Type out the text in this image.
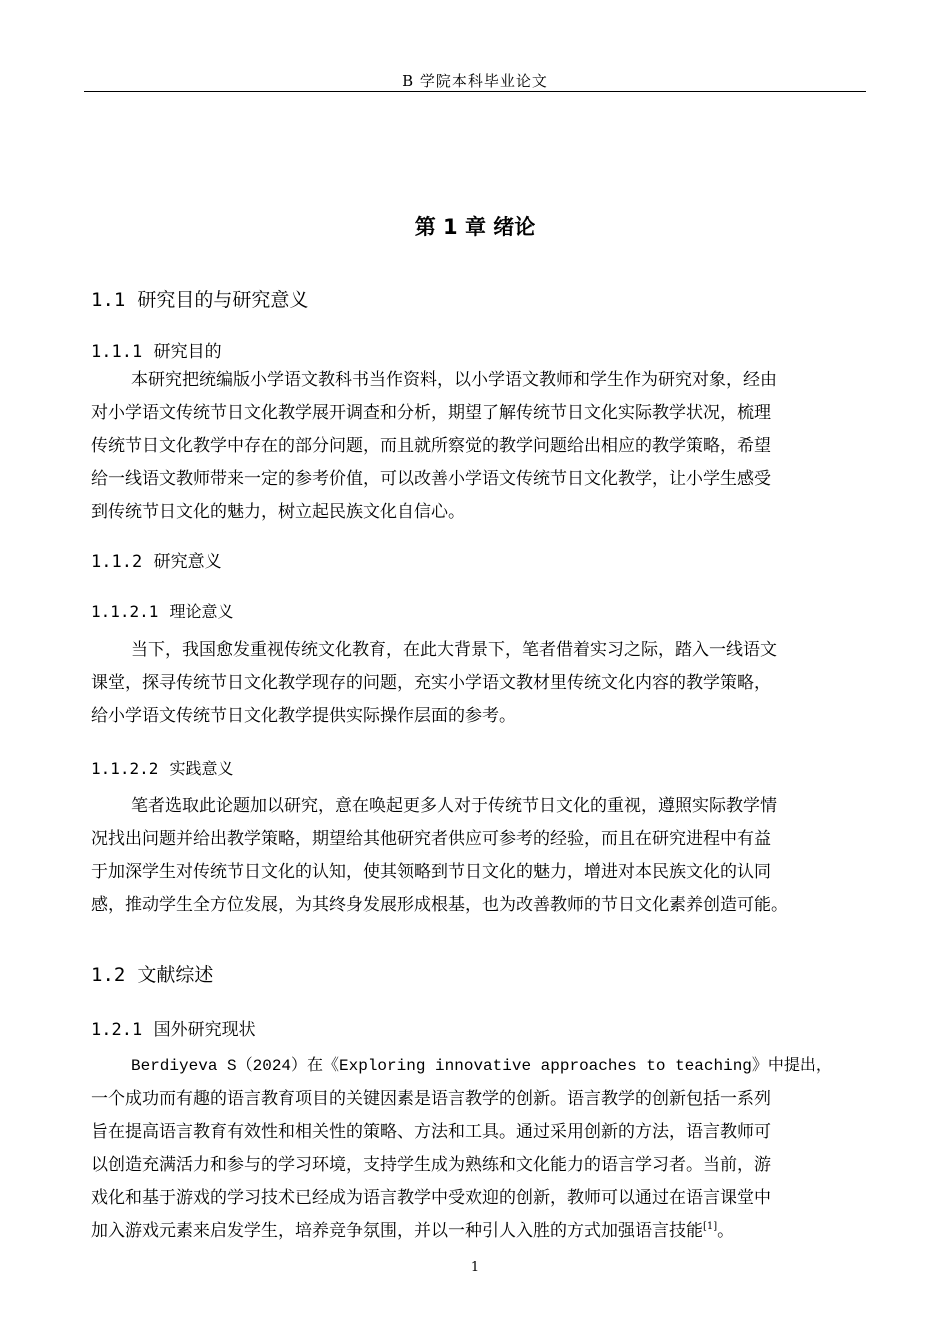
B 学院本科毕业论文
第 1 章 绪论
1.1 研究目的与研究意义
1.1.1 研究目的
本研究把统编版小学语文教科书当作资料，以小学语文教师和学生作为研究对象，经由
对小学语文传统节日文化教学展开调查和分析，期望了解传统节日文化实际教学状况，梳理
传统节日文化教学中存在的部分问题，而且就所察觉的教学问题给出相应的教学策略，希望
给一线语文教师带来一定的参考价值，可以改善小学语文传统节日文化教学，让小学生感受
到传统节日文化的魅力，树立起民族文化自信心。
1.1.2 研究意义
1.1.2.1 理论意义
当下，我国愈发重视传统文化教育，在此大背景下，笔者借着实习之际，踏入一线语文
课堂，探寻传统节日文化教学现存的问题，充实小学语文教材里传统文化内容的教学策略，
给小学语文传统节日文化教学提供实际操作层面的参考。
1.1.2.2 实践意义
笔者选取此论题加以研究，意在唤起更多人对于传统节日文化的重视，遵照实际教学情
况找出问题并给出教学策略，期望给其他研究者供应可参考的经验，而且在研究进程中有益
于加深学生对传统节日文化的认知，使其领略到节日文化的魅力，增进对本民族文化的认同
感，推动学生全方位发展，为其终身发展形成根基，也为改善教师的节日文化素养创造可能。
1.2 文献综述
1.2.1 国外研究现状
Berdiyeva S（2024）在《Exploring innovative approaches to teaching》中提出，
一个成功而有趣的语言教育项目的关键因素是语言教学的创新。语言教学的创新包括一系列
旨在提高语言教育有效性和相关性的策略、方法和工具。通过采用创新的方法，语言教师可
以创造充满活力和参与的学习环境，支持学生成为熟练和文化能力的语言学习者。当前，游
戏化和基于游戏的学习技术已经成为语言教学中受欢迎的创新，教师可以通过在语言课堂中
加入游戏元素来启发学生，培养竞争氛围，并以一种引人入胜的方式加强语言技能[1]。
1
